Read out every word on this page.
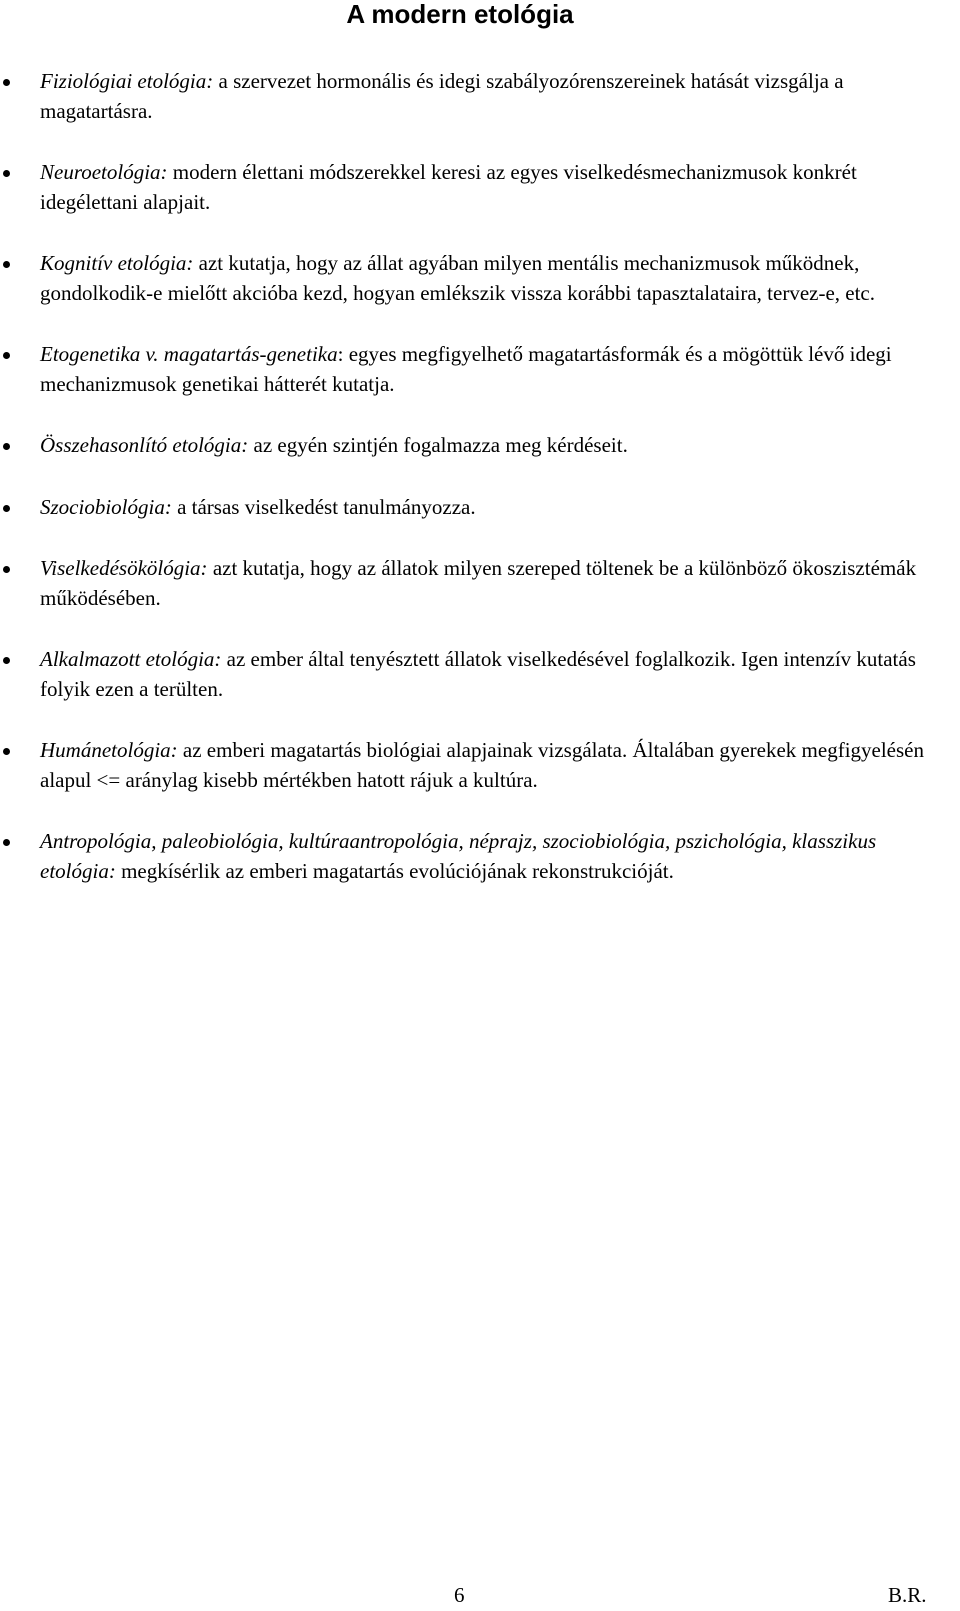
A modern etológia
Fiziológiai etológia: a szervezet hormonális és idegi szabályozórenszereinek hatását vizsgálja a magatartásra.
Neuroetológia: modern élettani módszerekkel keresi az egyes viselkedésmechanizmusok konkrét idegélettani alapjait.
Kognitív etológia: azt kutatja, hogy az állat agyában milyen mentális mechanizmusok működnek, gondolkodik-e mielőtt akcióba kezd, hogyan emlékszik vissza korábbi tapasztalataira, tervez-e, etc.
Etogenetika v. magatartás-genetika: egyes megfigyelhető magatartásformák és a mögöttük lévő idegi mechanizmusok genetikai hátterét kutatja.
Összehasonlító etológia: az egyén szintjén fogalmazza meg kérdéseit.
Szociobiológia: a társas viselkedést tanulmányozza.
Viselkedésökölógia: azt kutatja, hogy az állatok milyen szereped töltenek be a különböző ökoszisztémák működésében.
Alkalmazott etológia: az ember által tenyésztett állatok viselkedésével foglalkozik. Igen intenzív kutatás folyik ezen a terülten.
Humánetológia: az emberi magatartás biológiai alapjainak vizsgálata. Általában gyerekek megfigyelésén alapul <= aránylag kisebb mértékben hatott rájuk a kultúra.
Antropológia, paleobiológia, kultúraantropológia, néprajz, szociobiológia, pszichológia, klasszikus etológia: megkísérlik az emberi magatartás evolúciójának rekonstrukcióját.
6	B.R.
